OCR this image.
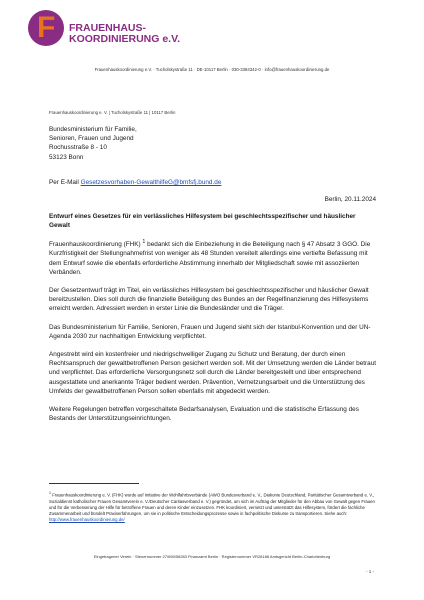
F FRAUENHAUS-
KOORDINIERUNG e.V.
Frauenhauskoordinierung e.V. · Tucholskystraße 11 · DE-10117 Berlin · 030-3384342-0 · info@frauenhauskoordinierung.de
Frauenhauskoordinierung e. V. | Tucholskystraße 11 | 10117 Berlin
Bundesministerium für Familie,
Senioren, Frauen und Jugend
Rochusstraße 8 - 10
53123 Bonn
Per E-Mail Gesetzesvorhaben-GewalthilfeG@bmfsfj.bund.de
Berlin, 20.11.2024
Entwurf eines Gesetzes für ein verlässliches Hilfesystem bei geschlechtsspezifischer und häuslicher Gewalt

Frauenhauskoordinierung (FHK) $^1$ bedankt sich die Einbeziehung in die Beteiligung nach § 47 Absatz 3 GGO. Die Kurzfristigkeit der Stellungnahmefrist von weniger als 48 Stunden vereitelt allerdings eine vertiefte Befassung mit dem Entwurf sowie die ebenfalls erforderliche Abstimmung innerhalb der Mitgliedschaft sowie mit assoziierten Verbänden.

Der Gesetzentwurf trägt im Titel, ein verlässliches Hilfesystem bei geschlechtsspezifischer und häuslicher Gewalt bereitzustellen. Dies soll durch die finanzielle Beteiligung des Bundes an der Regelfinanzierung des Hilfesystems erreicht werden. Adressiert werden in erster Linie die Bundesländer und die Träger.

Das Bundesministerium für Familie, Senioren, Frauen und Jugend sieht sich der Istanbul-Konvention und der UN-Agenda 2030 zur nachhaltigen Entwicklung verpflichtet.

Angestrebt wird ein kostenfreier und niedrigschwelliger Zugang zu Schutz und Beratung, der durch einen Rechtsanspruch der gewaltbetroffenen Person gesichert werden soll. Mit der Umsetzung werden die Länder betraut und verpflichtet. Das erforderliche Versorgungsnetz soll durch die Länder bereitgestellt und über entsprechend ausgestattete und anerkannte Träger bedient werden. Prävention, Vernetzungsarbeit und die Unterstützung des Umfelds der gewaltbetroffenen Person sollen ebenfalls mit abgedeckt werden.

Weitere Regelungen betreffen vorgeschaltete Bedarfsanalysen, Evaluation und die statistische Erfassung des Bestands der Unterstützungseinrichtungen.

$^1$ Frauenhauskoordinierung e. V. (FHK) wurde auf Initiative der Wohlfahrtsverbände (AWO Bundesverband e. V., Diakonie Deutschland, Paritätischer Gesamtverband e. V., Sozialdienst katholischer Frauen Gesamtverein e. V./Deutscher Caritasverband e. V.) gegründet, um sich im Auftrag der Mitglieder für den Abbau von Gewalt gegen Frauen und für die Verbesserung der Hilfe für betroffene Frauen und deren Kinder einzusetzen. FHK koordiniert, vernetzt und unterstützt das Hilfesystem, fördert die fachliche Zusammenarbeit und bündelt Praxiserfahrungen, um sie in politische Entscheidungsprozesse sowie in fachpolitische Diskurse zu transportieren. Siehe auch: http://www.frauenhauskoordinierung.de/
Eingetragener Verein · Steuernummer 27/659/58283 Finanzamt Berlin · Registernummer VR26188 Amtsgericht Berlin-Charlottenburg
- 1 -
